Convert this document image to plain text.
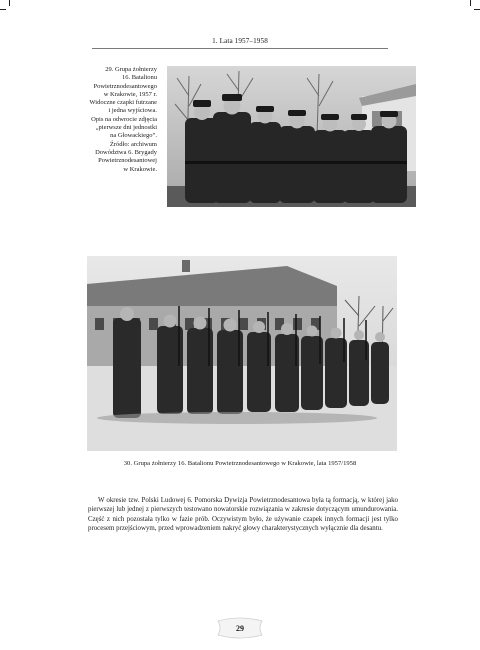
1. Lata 1957–1958
29. Grupa żołnierzy
16. Batalionu
Powietrznodesantowego
w Krakowie, 1957 r.
Widoczne czapki futrzane
i jedna wyjściowa.
Opis na odwrocie zdjęcia
„pierwsze dni jednostki
na Głowackiego”.
Źródło: archiwum
Dowództwa 6. Brygady
Powietrznodesantowej
w Krakowie.
30. Grupa żołnierzy 16. Batalionu Powietrznodesantowego w Krakowie, lata 1957/1958

W okresie tzw. Polski Ludowej 6. Pomorska Dywizja Powietrznodesantowa była tą formacją, w której jako pierwszej lub jednej z pierwszych testowano nowatorskie rozwiązania w zakresie dotyczącym umundurowania. Część z nich pozostała tylko w fazie prób. Oczywistym było, że używanie czapek innych formacji jest tylko procesem przejściowym, przed wprowadzeniem nakryć głowy charakterystycznych wyłącznie dla desantu.

29
